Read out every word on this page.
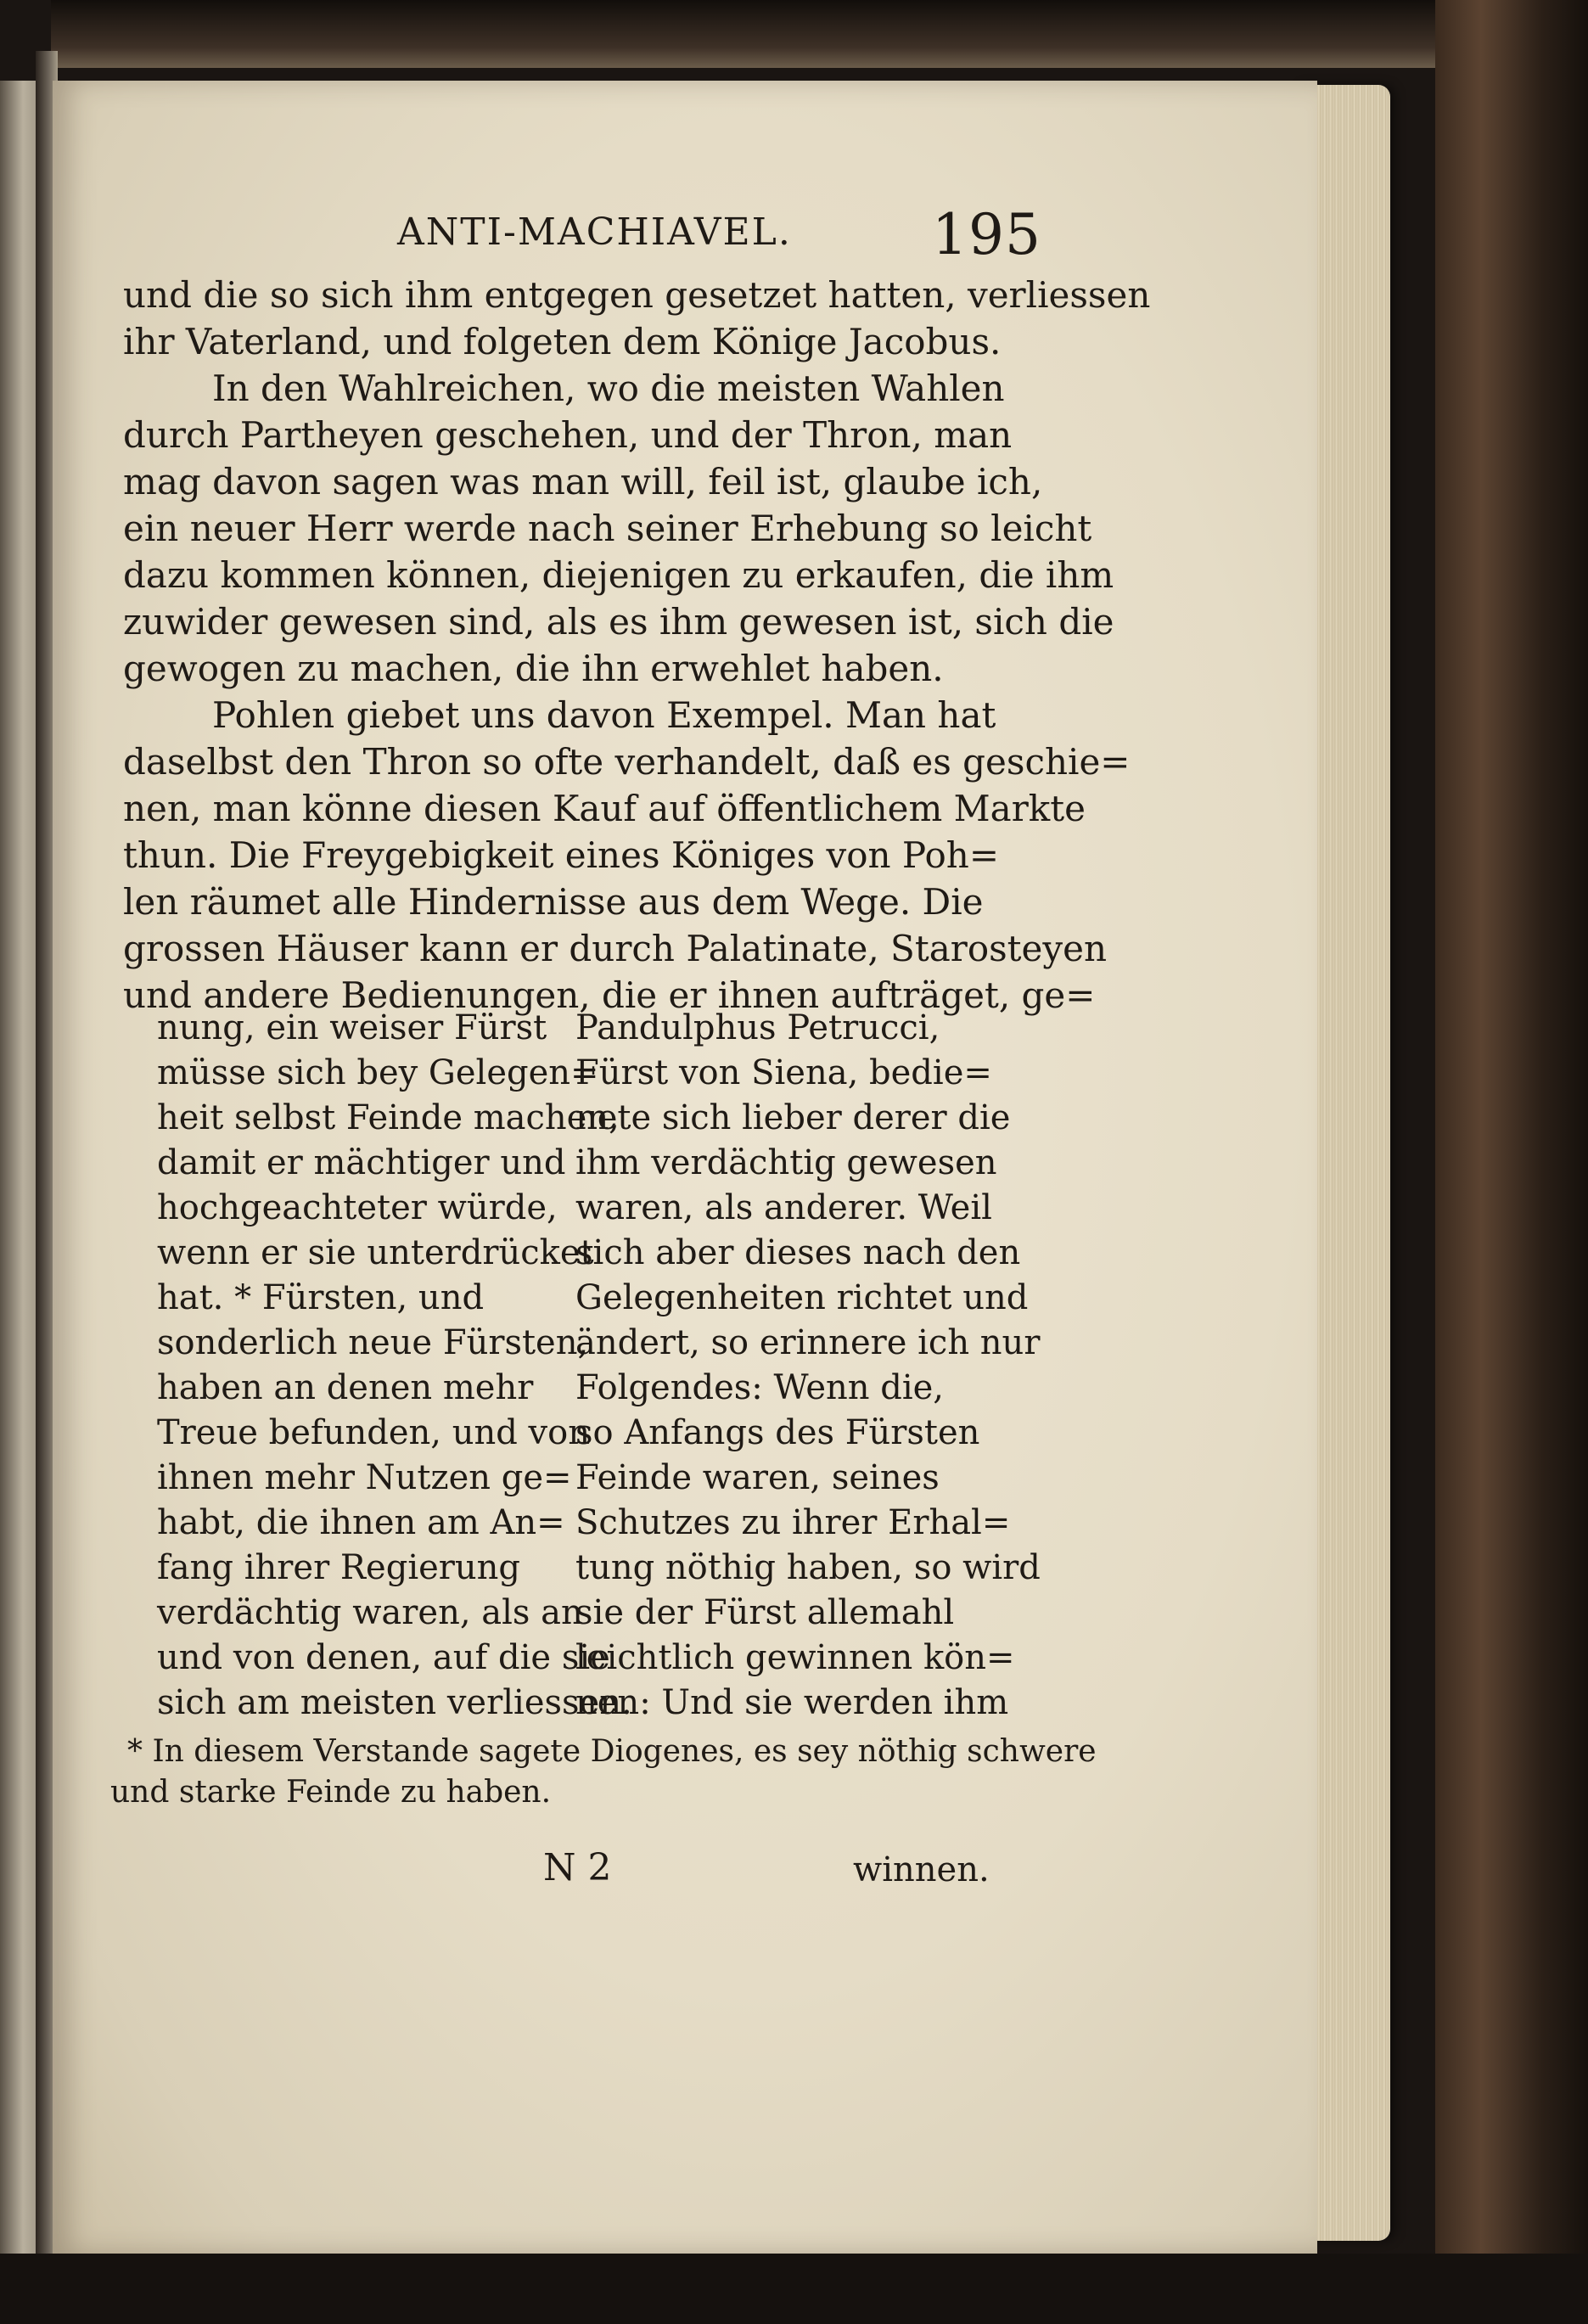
ANTI-MACHIAVEL.	195
und die so sich ihm entgegen gesetzet hatten, verliessen
ihr Vaterland, und folgeten dem Könige Jacobus.
In den Wahlreichen, wo die meisten Wahlen
durch Partheyen geschehen, und der Thron, man
mag davon sagen was man will, feil ist, glaube ich,
ein neuer Herr werde nach seiner Erhebung so leicht
dazu kommen können, diejenigen zu erkaufen, die ihm
zuwider gewesen sind, als es ihm gewesen ist, sich die
gewogen zu machen, die ihn erwehlet haben.
Pohlen giebet uns davon Exempel. Man hat
daselbst den Thron so ofte verhandelt, daß es geschie=
nen, man könne diesen Kauf auf öffentlichem Markte
thun. Die Freygebigkeit eines Königes von Poh=
len räumet alle Hindernisse aus dem Wege. Die
grossen Häuser kann er durch Palatinate, Starosteyen
und andere Bedienungen, die er ihnen aufträget, ge=
nung, ein weiser Fürst
müsse sich bey Gelegen=
heit selbst Feinde machen,
damit er mächtiger und
hochgeachteter würde,
wenn er sie unterdrücket
hat. * Fürsten, und
sonderlich neue Fürsten,
haben an denen mehr
Treue befunden, und von
ihnen mehr Nutzen ge=
habt, die ihnen am An=
fang ihrer Regierung
verdächtig waren, als an
und von denen, auf die sie
sich am meisten verliessen.
Pandulphus Petrucci,
Fürst von Siena, bedie=
nete sich lieber derer die
ihm verdächtig gewesen
waren, als anderer. Weil
sich aber dieses nach den
Gelegenheiten richtet und
ändert, so erinnere ich nur
Folgendes: Wenn die,
so Anfangs des Fürsten
Feinde waren, seines
Schutzes zu ihrer Erhal=
tung nöthig haben, so wird
sie der Fürst allemahl
leichtlich gewinnen kön=
nen: Und sie werden ihm
* In diesem Verstande sagete Diogenes, es sey nöthig schwere
und starke Feinde zu haben.
N 2	winnen.
